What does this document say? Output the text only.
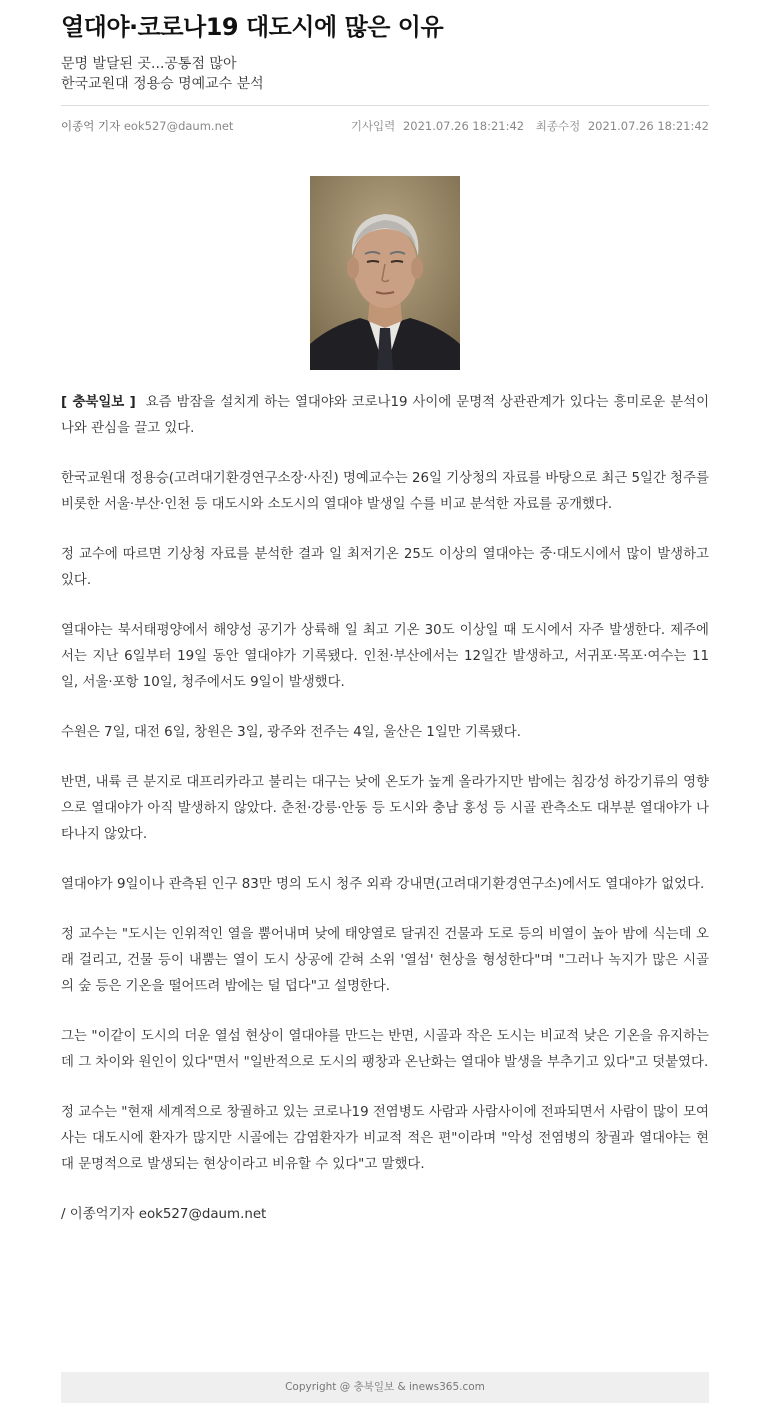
열대야·코로나19 대도시에 많은 이유
문명 발달된 곳...공통점 많아
한국교원대 정용승 명예교수 분석
이종억 기자 eok527@daum.net	기사입력 2021.07.26 18:21:42 최종수정 2021.07.26 18:21:42

[ 충북일보 ] 요즘 밤잠을 설치게 하는 열대야와 코로나19 사이에 문명적 상관관계가 있다는 흥미로운 분석이 나와 관심을 끌고 있다.

한국교원대 정용승(고려대기환경연구소장·사진) 명예교수는 26일 기상청의 자료를 바탕으로 최근 5일간 청주를 비롯한 서울·부산·인천 등 대도시와 소도시의 열대야 발생일 수를 비교 분석한 자료를 공개했다.

정 교수에 따르면 기상청 자료를 분석한 결과 일 최저기온 25도 이상의 열대야는 중·대도시에서 많이 발생하고 있다.

열대야는 북서태평양에서 해양성 공기가 상륙해 일 최고 기온 30도 이상일 때 도시에서 자주 발생한다. 제주에서는 지난 6일부터 19일 동안 열대야가 기록됐다. 인천·부산에서는 12일간 발생하고, 서귀포·목포·여수는 11일, 서울·포항 10일, 청주에서도 9일이 발생했다.

수원은 7일, 대전 6일, 창원은 3일, 광주와 전주는 4일, 울산은 1일만 기록됐다.

반면, 내륙 큰 분지로 대프리카라고 불리는 대구는 낮에 온도가 높게 올라가지만 밤에는 침강성 하강기류의 영향으로 열대야가 아직 발생하지 않았다. 춘천·강릉·안동 등 도시와 충남 홍성 등 시골 관측소도 대부분 열대야가 나타나지 않았다.

열대야가 9일이나 관측된 인구 83만 명의 도시 청주 외곽 강내면(고려대기환경연구소)에서도 열대야가 없었다.

정 교수는 "도시는 인위적인 열을 뿜어내며 낮에 태양열로 달궈진 건물과 도로 등의 비열이 높아 밤에 식는데 오래 걸리고, 건물 등이 내뿜는 열이 도시 상공에 갇혀 소위 '열섬' 현상을 형성한다"며 "그러나 녹지가 많은 시골의 숲 등은 기온을 떨어뜨려 밤에는 덜 덥다"고 설명한다.

그는 "이같이 도시의 더운 열섬 현상이 열대야를 만드는 반면, 시골과 작은 도시는 비교적 낮은 기온을 유지하는데 그 차이와 원인이 있다"면서 "일반적으로 도시의 팽창과 온난화는 열대야 발생을 부추기고 있다"고 덧붙였다.

정 교수는 "현재 세계적으로 창궐하고 있는 코로나19 전염병도 사람과 사람사이에 전파되면서 사람이 많이 모여 사는 대도시에 환자가 많지만 시골에는 감염환자가 비교적 적은 편"이라며 "악성 전염병의 창궐과 열대야는 현대 문명적으로 발생되는 현상이라고 비유할 수 있다"고 말했다.

/ 이종억기자 eok527@daum.net

Copyright @ 충북일보 & inews365.com
